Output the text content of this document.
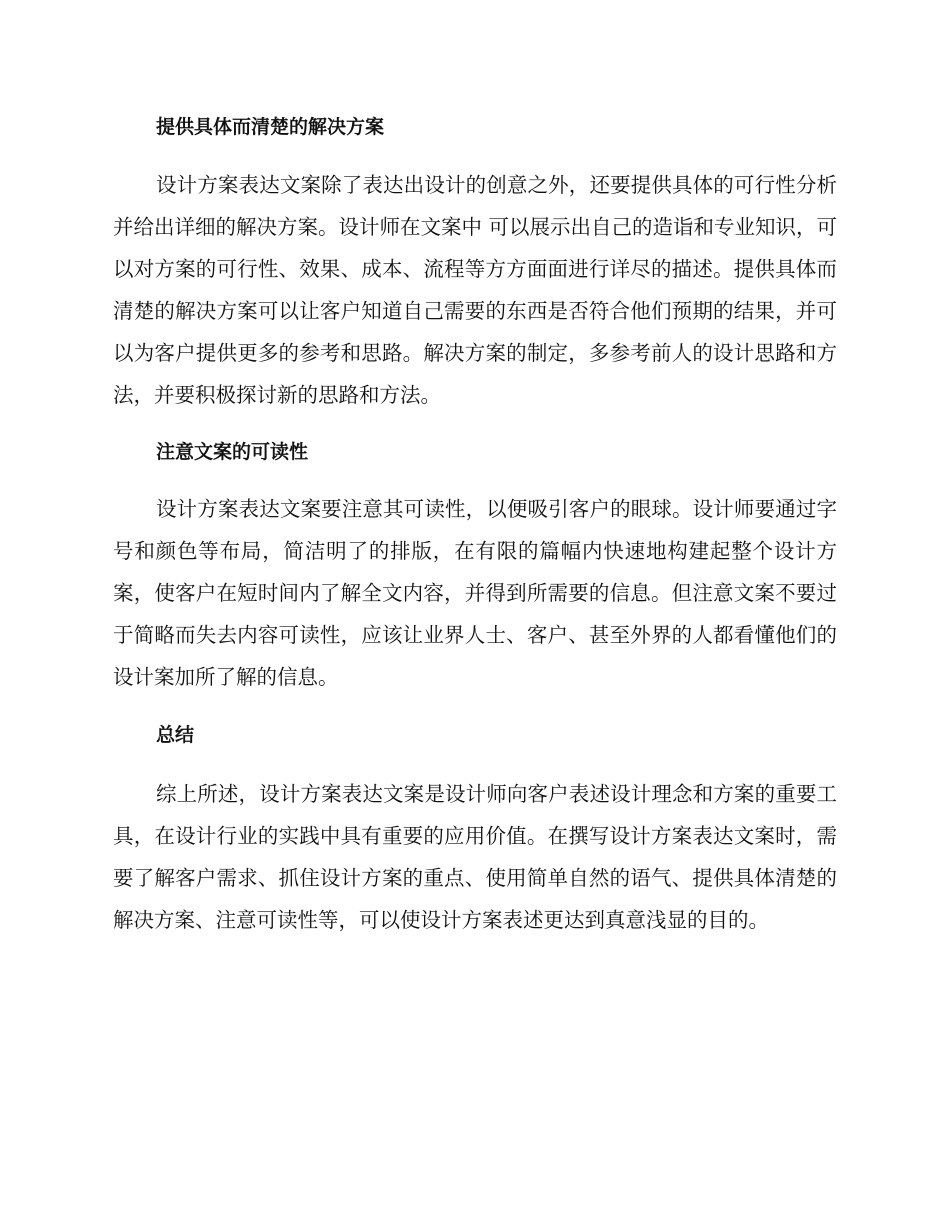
提供具体而清楚的解决方案

设计方案表达文案除了表达出设计的创意之外，还要提供具体的可行性分析并给出详细的解决方案。设计师在文案中 可以展示出自己的造诣和专业知识，可以对方案的可行性、效果、成本、流程等方方面面进行详尽的描述。提供具体而清楚的解决方案可以让客户知道自己需要的东西是否符合他们预期的结果，并可以为客户提供更多的参考和思路。解决方案的制定，多参考前人的设计思路和方法，并要积极探讨新的思路和方法。

注意文案的可读性

设计方案表达文案要注意其可读性，以便吸引客户的眼球。设计师要通过字号和颜色等布局，简洁明了的排版，在有限的篇幅内快速地构建起整个设计方案，使客户在短时间内了解全文内容，并得到所需要的信息。但注意文案不要过于简略而失去内容可读性，应该让业界人士、客户、甚至外界的人都看懂他们的设计案加所了解的信息。

总结

综上所述，设计方案表达文案是设计师向客户表述设计理念和方案的重要工具，在设计行业的实践中具有重要的应用价值。在撰写设计方案表达文案时，需要了解客户需求、抓住设计方案的重点、使用简单自然的语气、提供具体清楚的解决方案、注意可读性等，可以使设计方案表述更达到真意浅显的目的。
